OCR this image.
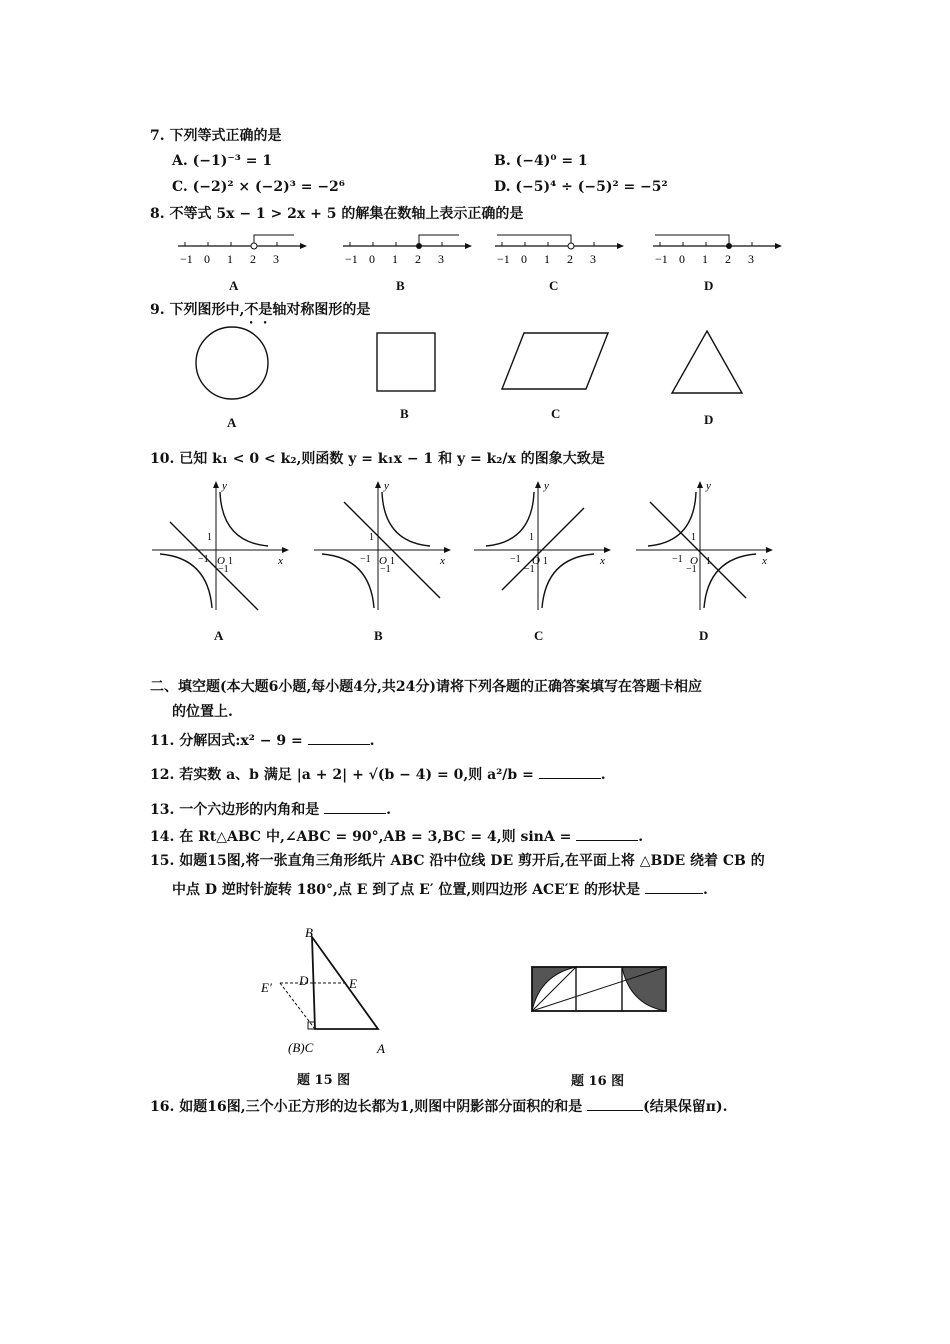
7. 下列等式正确的是
A. (−1)⁻³ = 1	B. (−4)⁰ = 1
C. (−2)² × (−2)³ = −2⁶	D. (−5)⁴ ÷ (−5)² = −5²
8. 不等式 5x − 1 > 2x + 5 的解集在数轴上表示正确的是
−1 0 1 2 3	−1 0 1 2 3	−1 0 1 2 3	−1 0 1 2 3
A	B	C	D
9. 下列图形中,不是轴对称图形的是
A
B	C	D
10. 已知 k₁ < 0 < k₂,则函数 y = k₁x − 1 和 y = k₂/x 的图象大致是
y
x
O 1
1
−1
−1
y
x
O 1
1
−1
−1
y
x
O 1
1
−1
−1
y
x
O 1
1
−1
−1
A	B	C	D
二、填空题(本大题6小题,每小题4分,共24分)请将下列各题的正确答案填写在答题卡相应
的位置上.
11. 分解因式:x² − 9 =	.
12. 若实数 a、b 满足 |a + 2| + √(b − 4) = 0,则 a²/b =	.
13. 一个六边形的内角和是	.
14. 在 Rt△ABC 中,∠ABC = 90°,AB = 3,BC = 4,则 sinA =	.
15. 如题15图,将一张直角三角形纸片 ABC 沿中位线 DE 剪开后,在平面上将 △BDE 绕着 CB 的
中点 D 逆时针旋转 180°,点 E 到了点 E′ 位置,则四边形 ACE′E 的形状是	.
B
D
E′	E
(B)C	A
题 15 图	题 16 图
16. 如题16图,三个小正方形的边长都为1,则图中阴影部分面积的和是	(结果保留π).
